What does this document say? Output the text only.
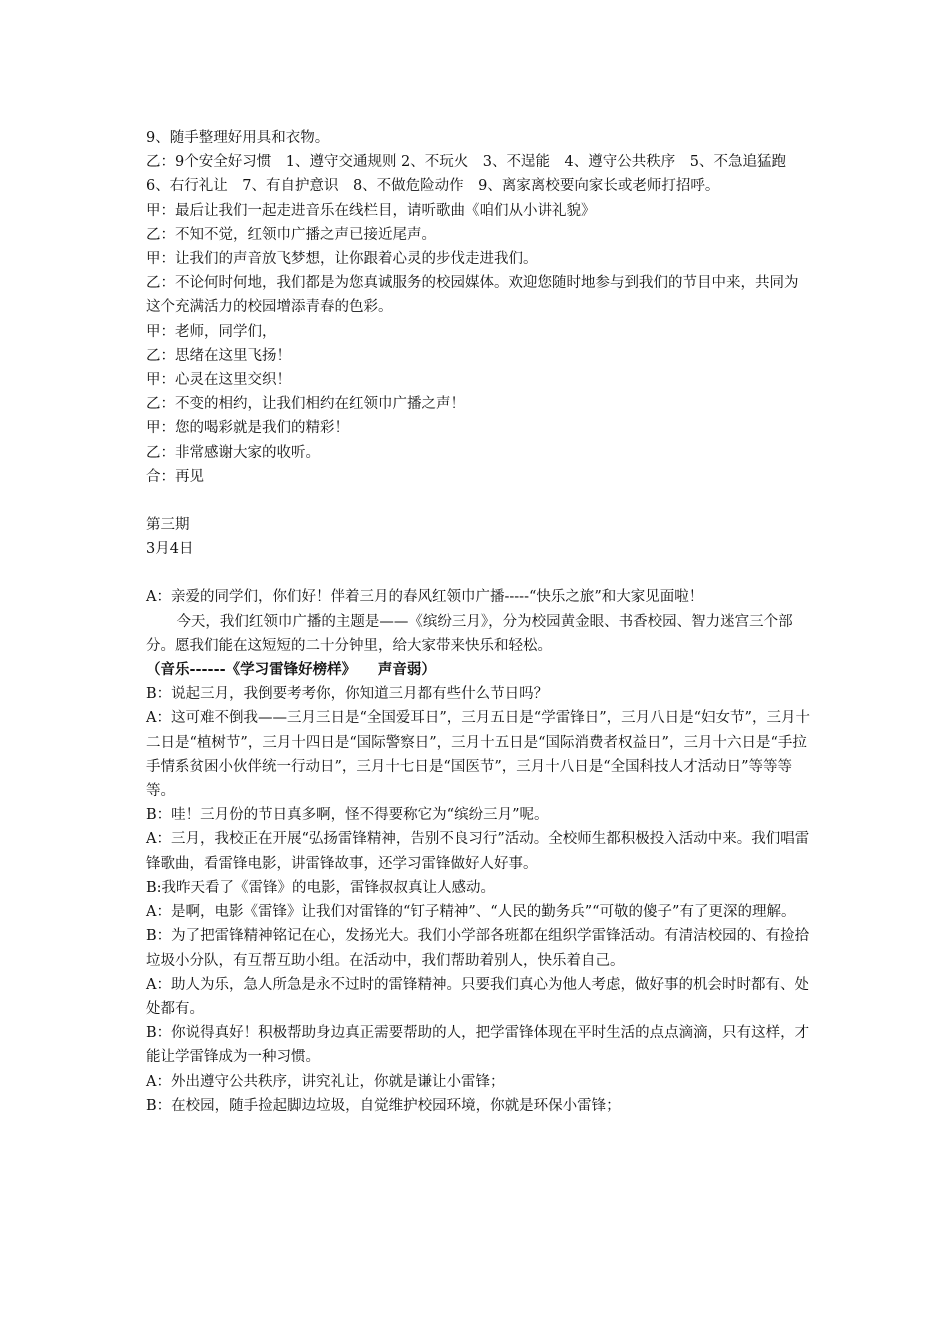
9、随手整理好用具和衣物。

乙：9个安全好习惯　1、遵守交通规则 2、不玩火　3、不逞能　4、遵守公共秩序　5、不急追猛跑　6、右行礼让　7、有自护意识　8、不做危险动作　9、离家离校要向家长或老师打招呼。

甲：最后让我们一起走进音乐在线栏目，请听歌曲《咱们从小讲礼貌》

乙：不知不觉，红领巾广播之声已接近尾声。

甲：让我们的声音放飞梦想，让你跟着心灵的步伐走进我们。

乙：不论何时何地，我们都是为您真诚服务的校园媒体。欢迎您随时地参与到我们的节目中来，共同为这个充满活力的校园增添青春的色彩。

甲：老师，同学们，

乙：思绪在这里飞扬！

甲：心灵在这里交织！

乙：不变的相约，让我们相约在红领巾广播之声！

甲：您的喝彩就是我们的精彩！

乙：非常感谢大家的收听。

合：再见

第三期

3月4日

A：亲爱的同学们，你们好！伴着三月的春风红领巾广播-----“快乐之旅”和大家见面啦！

今天，我们红领巾广播的主题是——《缤纷三月》，分为校园黄金眼、书香校园、智力迷宫三个部分。愿我们能在这短短的二十分钟里，给大家带来快乐和轻松。

（音乐------《学习雷锋好榜样》　　声音弱）

B：说起三月，我倒要考考你，你知道三月都有些什么节日吗？

A：这可难不倒我——三月三日是“全国爱耳日”，三月五日是“学雷锋日”，三月八日是“妇女节”，三月十二日是“植树节”，三月十四日是“国际警察日”，三月十五日是“国际消费者权益日”，三月十六日是“手拉手情系贫困小伙伴统一行动日”，三月十七日是“国医节”，三月十八日是“全国科技人才活动日”等等等等。

B：哇！三月份的节日真多啊，怪不得要称它为“缤纷三月”呢。

A：三月，我校正在开展“弘扬雷锋精神，告别不良习行”活动。全校师生都积极投入活动中来。我们唱雷锋歌曲，看雷锋电影，讲雷锋故事，还学习雷锋做好人好事。

B:我昨天看了《雷锋》的电影，雷锋叔叔真让人感动。

A：是啊，电影《雷锋》让我们对雷锋的“钉子精神”、“人民的勤务兵”“可敬的傻子”有了更深的理解。

B：为了把雷锋精神铭记在心，发扬光大。我们小学部各班都在组织学雷锋活动。有清洁校园的、有捡拾垃圾小分队，有互帮互助小组。在活动中，我们帮助着别人，快乐着自己。

A：助人为乐，急人所急是永不过时的雷锋精神。只要我们真心为他人考虑，做好事的机会时时都有、处处都有。

B：你说得真好！积极帮助身边真正需要帮助的人，把学雷锋体现在平时生活的点点滴滴，只有这样，才能让学雷锋成为一种习惯。

A：外出遵守公共秩序，讲究礼让，你就是谦让小雷锋；

B：在校园，随手捡起脚边垃圾，自觉维护校园环境，你就是环保小雷锋；
